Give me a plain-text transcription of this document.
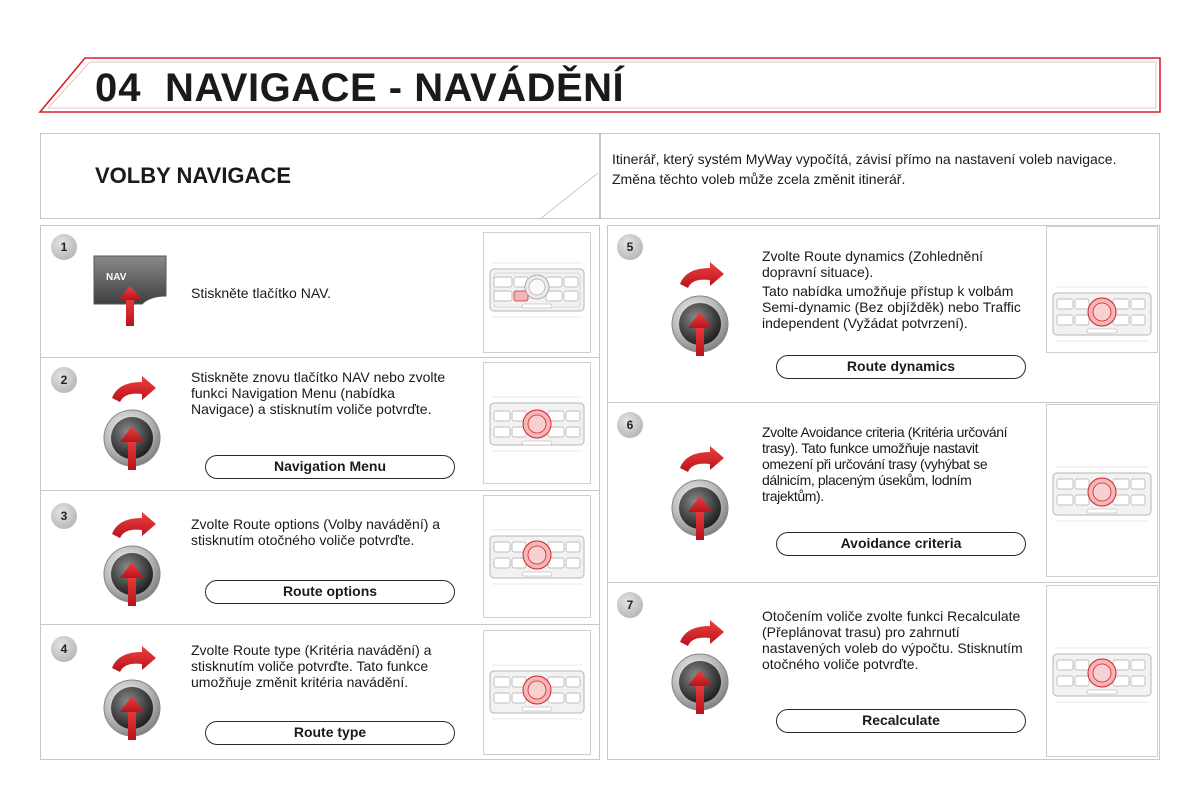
04 NAVIGACE - NAVÁDĚNÍ
VOLBY NAVIGACE

Itinerář, který systém MyWay vypočítá, závisí přímo na nastavení voleb navigace.

Změna těchto voleb může zcela změnit itinerář.

1
NAV

Stiskněte tlačítko NAV.

2	Stiskněte znovu tlačítko NAV nebo zvolte funkci Navigation Menu (nabídka Navigace) a stisknutím voliče potvrďte.

Navigation Menu
3	Zvolte Route options (Volby navádění) a stisknutím otočného voliče potvrďte.

Route options
4	Zvolte Route type (Kritéria navádění) a stisknutím voliče potvrďte. Tato funkce umožňuje změnit kritéria navádění.

Route type
5

Zvolte Route dynamics (Zohlednění dopravní situace).

Tato nabídka umožňuje přístup k volbám Semi-dynamic (Bez objížděk) nebo Traffic independent (Vyžádat potvrzení).

Route dynamics
6	Zvolte Avoidance criteria (Kritéria určování trasy). Tato funkce umožňuje nastavit omezení při určování trasy (vyhýbat se dálnicím, placeným úsekům, lodním trajektům).

Avoidance criteria
7

Otočením voliče zvolte funkci Recalculate (Přeplánovat trasu) pro zahrnutí nastavených voleb do výpočtu. Stisknutím otočného voliče potvrďte.

Recalculate
